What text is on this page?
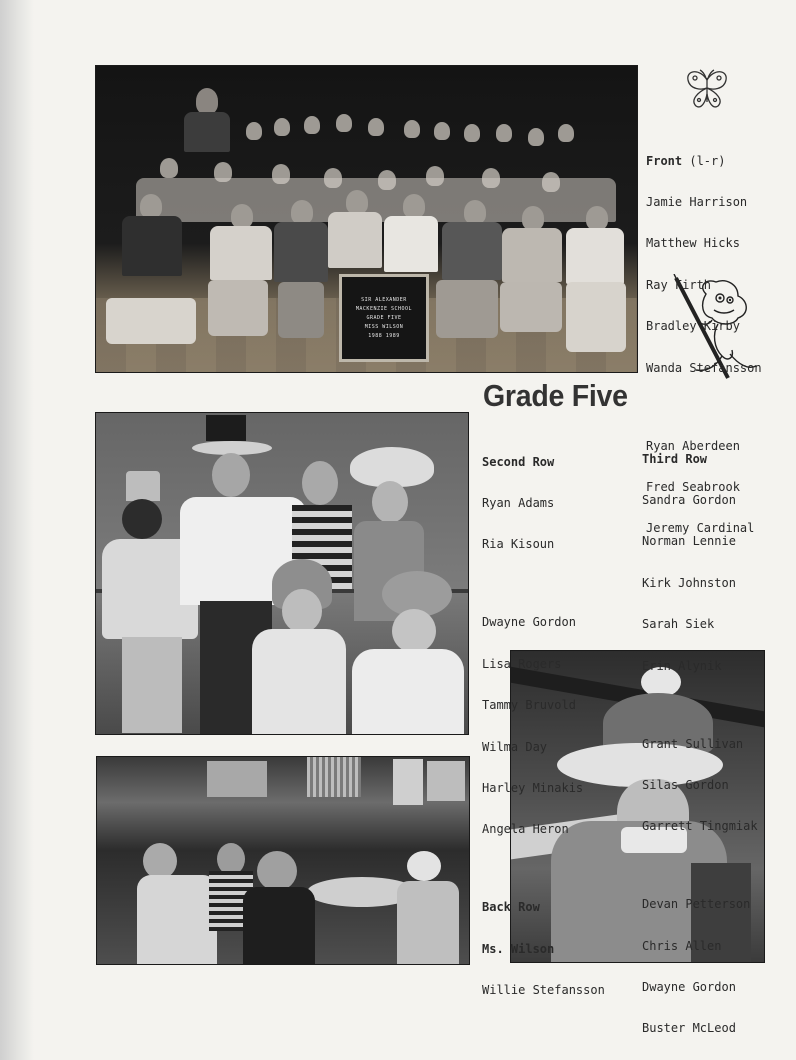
SIR ALEXANDER
MACKENZIE SCHOOL
GRADE FIVE
MISS WILSON
1988 1989

Front (l-r)

Jamie Harrison

Matthew Hicks

Ray Firth

Bradley Kirby

Wanda Stefansson

Ryan Aberdeen

Fred Seabrook

Jeremy Cardinal

Grade Five

Second Row

Ryan Adams

Ria Kisoun

Dwayne Gordon

Lisa Rogers

Tammy Bruvold

Wilma Day

Harley Minakis

Angela Heron

Back Row

Ms. Wilson

Willie Stefansson

Third Row

Sandra Gordon

Norman Lennie

Kirk Johnston

Sarah Siek

Erin Alynik

Grant Sullivan

Silas Gordon

Garrett Tingmiak

Devan Petterson

Chris Allen

Dwayne Gordon

Buster McLeod
